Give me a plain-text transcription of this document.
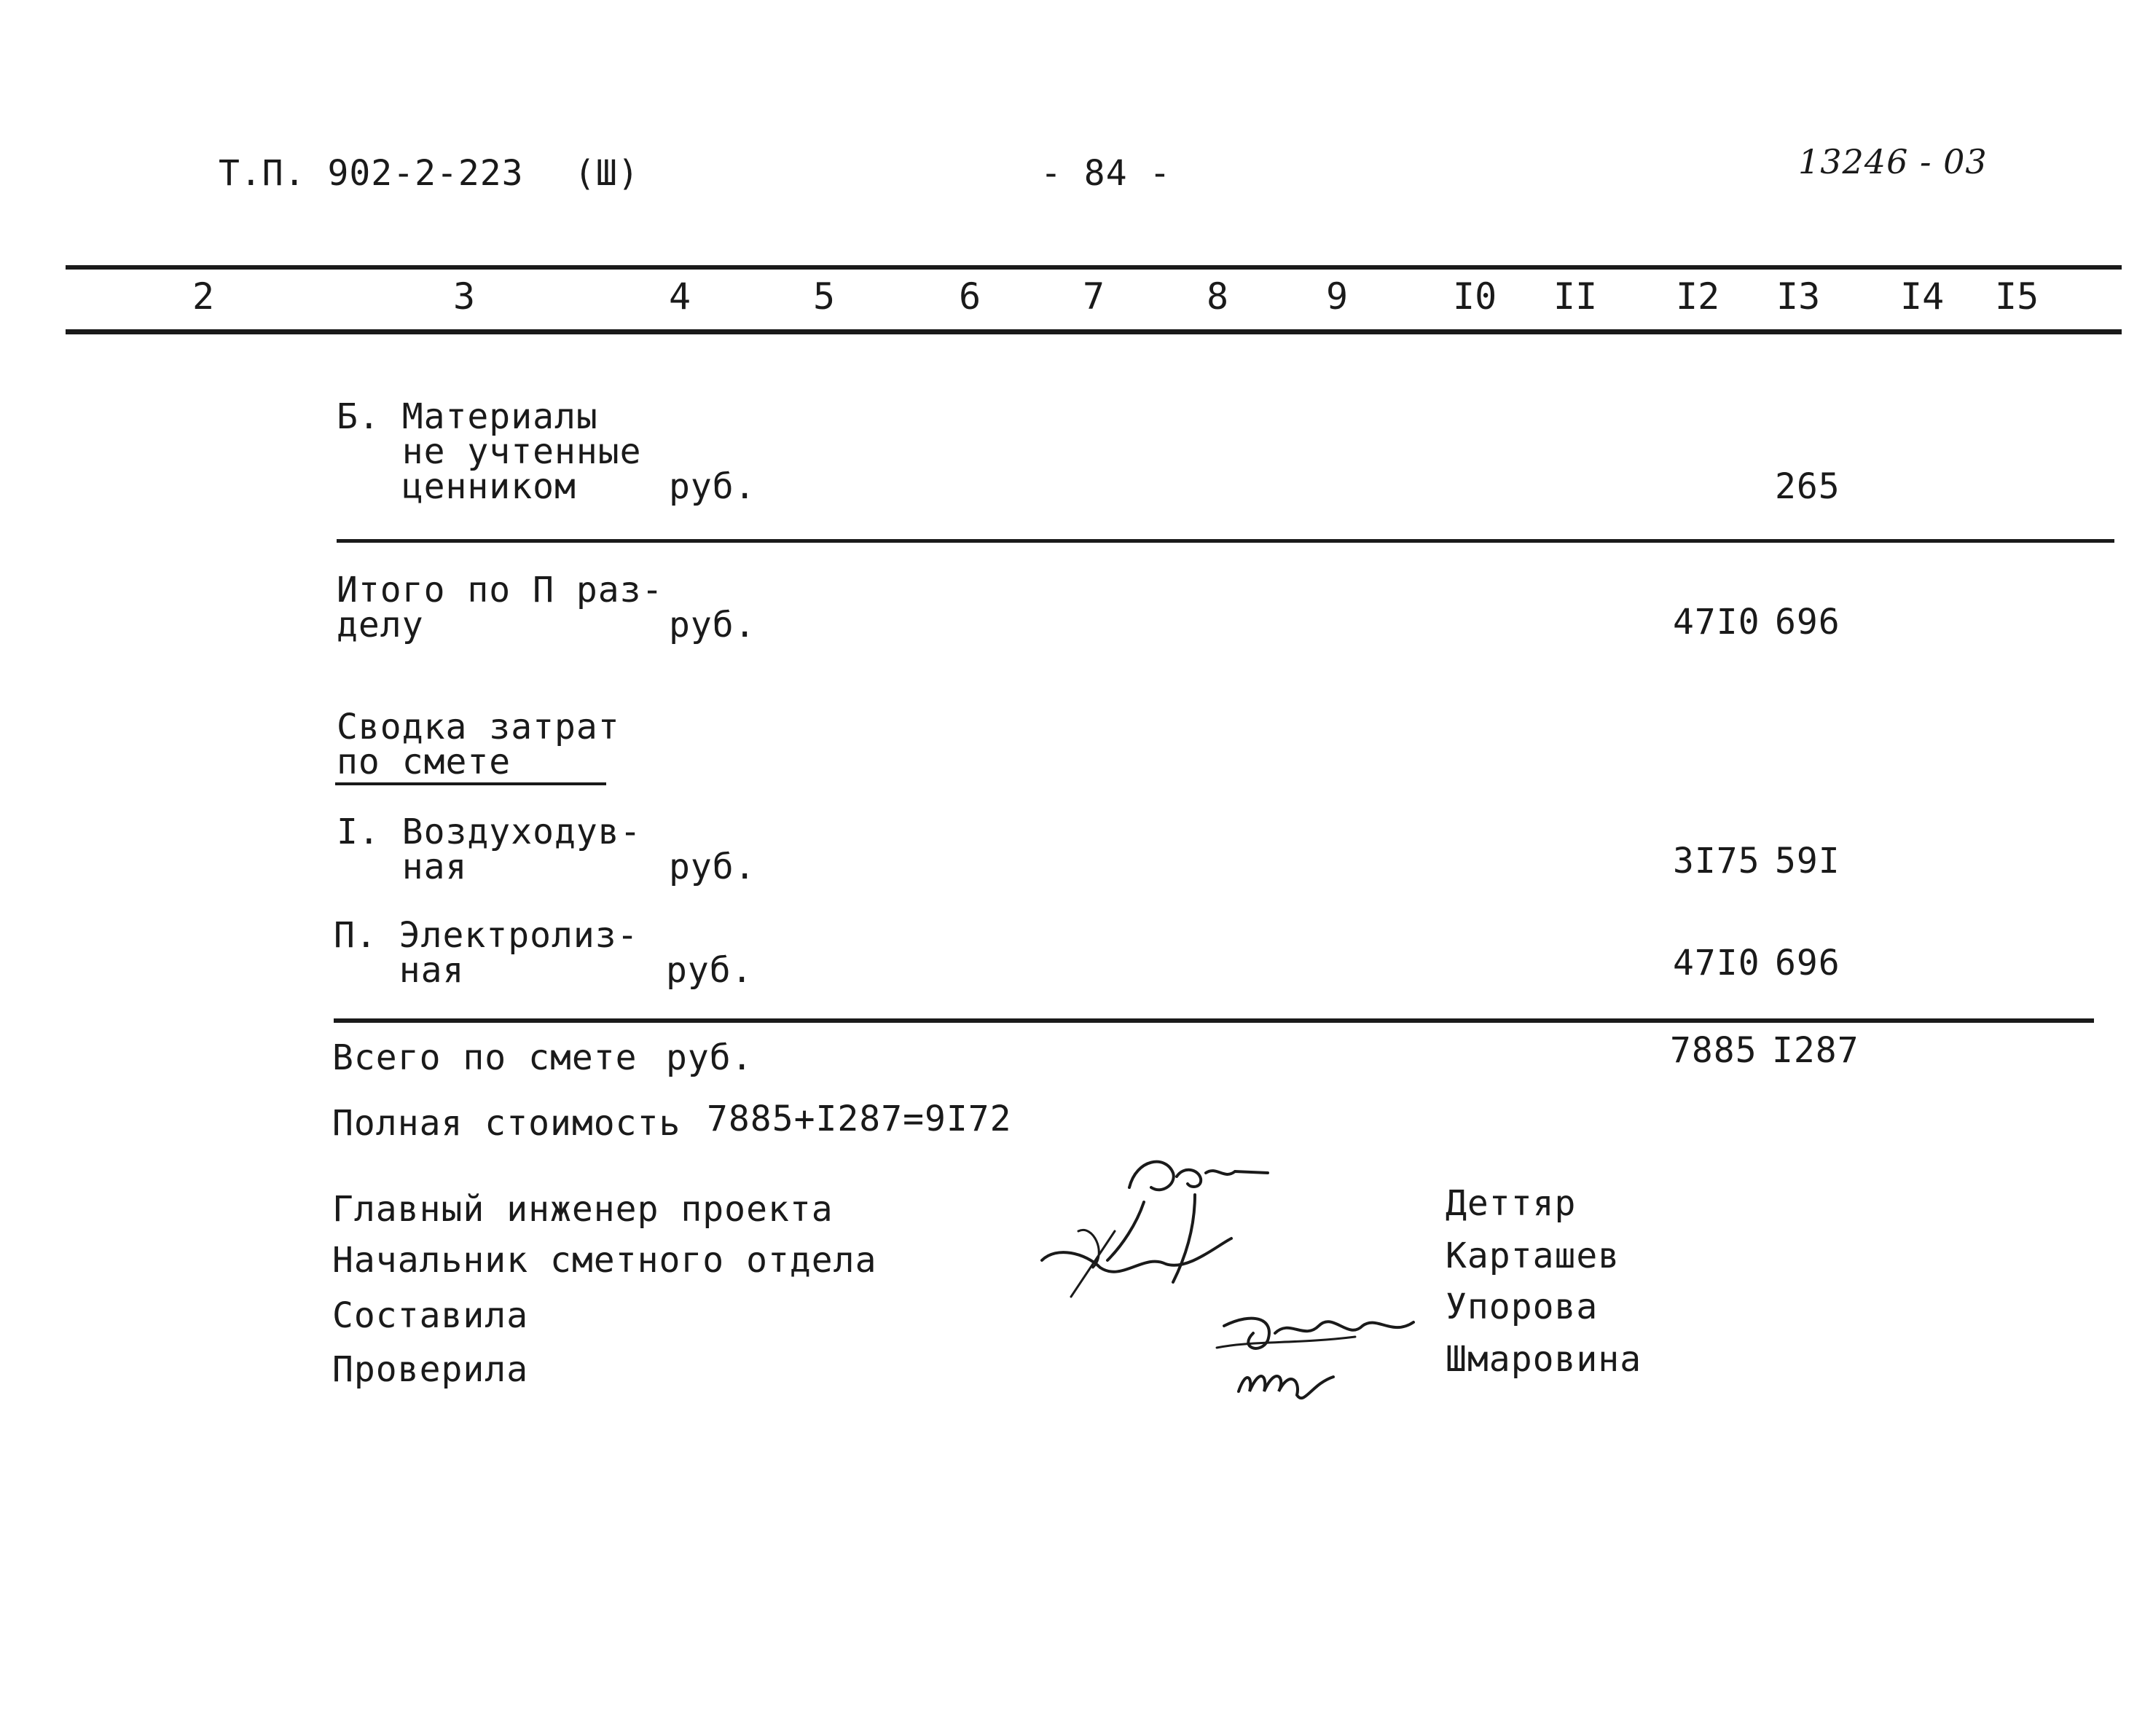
Т.П. 902-2-223 (Ш)	- 84 -	13246 - 03
2	3	4	5	6	7	8	9	I0 II I2 I3 I4 I5
Б. Материалы
не учтенные
ценником	руб.	265
Итого по П раз-
делу	руб.	47I0 696
Сводка затрат
по смете
I. Воздуходув-
ная	руб.	3I75 59I
П. Электролиз-
ная	руб.	47I0 696
Всего по смете руб.	7885 I287
Полная стоимость 7885+I287=9I72
Главный инженер проекта
Начальник сметного отдела
Составила
Проверила
Деттяр
Карташев
Упорова
Шмаровина
